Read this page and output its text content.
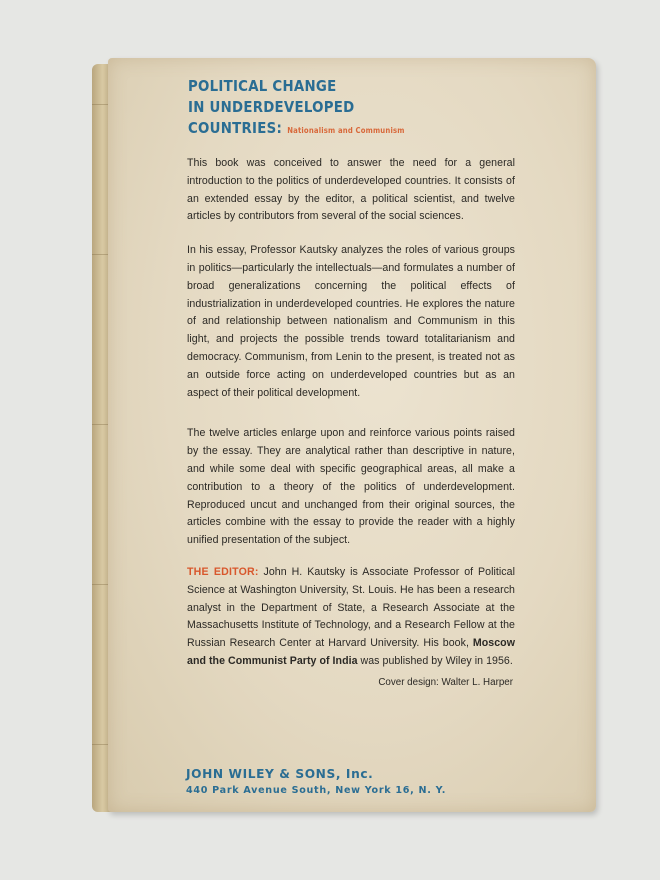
POLITICAL CHANGE
IN UNDERDEVELOPED
COUNTRIES: Nationalism and Communism

This book was conceived to answer the need for a general introduction to the politics of underdeveloped countries. It consists of an extended essay by the editor, a political scientist, and twelve articles by contributors from several of the social sciences.

In his essay, Professor Kautsky analyzes the roles of various groups in politics—particularly the intellectuals—and formulates a number of broad generalizations concerning the political effects of industrialization in underdeveloped countries. He explores the nature of and relationship between nationalism and Communism in this light, and projects the possible trends toward totalitarianism and democracy. Communism, from Lenin to the present, is treated not as an outside force acting on underdeveloped countries but as an aspect of their political development.

The twelve articles enlarge upon and reinforce various points raised by the essay. They are analytical rather than descriptive in nature, and while some deal with specific geographical areas, all make a contribution to a theory of the politics of underdevelopment. Reproduced uncut and unchanged from their original sources, the articles combine with the essay to provide the reader with a highly unified presentation of the subject.

THE EDITOR: John H. Kautsky is Associate Professor of Political Science at Washington University, St. Louis. He has been a research analyst in the Department of State, a Research Associate at the Massachusetts Institute of Technology, and a Research Fellow at the Russian Research Center at Harvard University. His book, Moscow and the Communist Party of India was published by Wiley in 1956.

Cover design: Walter L. Harper
JOHN WILEY & SONS, Inc.
440 Park Avenue South, New York 16, N. Y.
